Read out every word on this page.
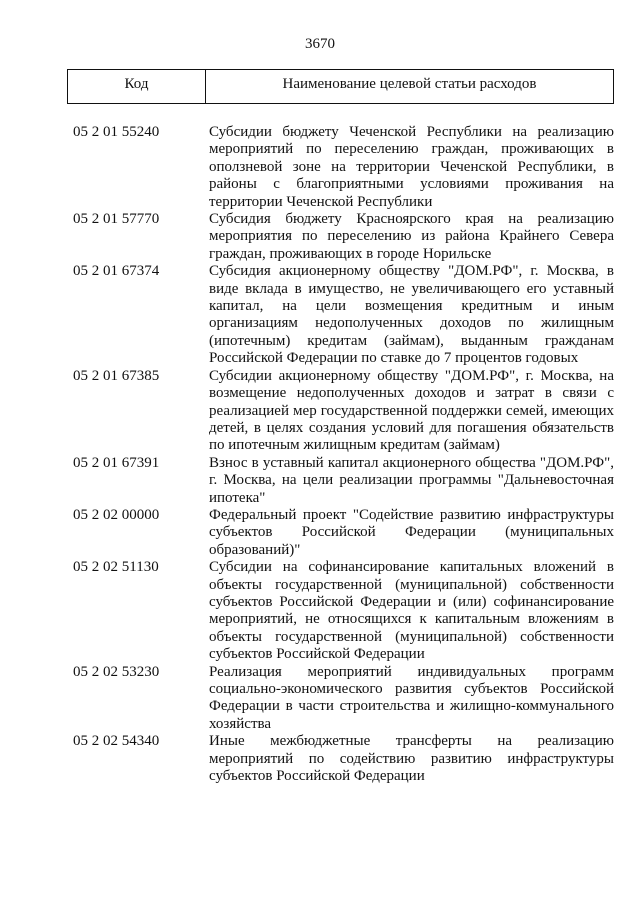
3670
Код	Наименование целевой статьи расходов
05 2 01 55240	Субсидии бюджету Чеченской Республики на реализацию мероприятий по переселению граждан, проживающих в оползневой зоне на территории Чеченской Республики, в районы с благоприятными условиями проживания на территории Чеченской Республики
05 2 01 57770	Субсидия бюджету Красноярского края на реализацию мероприятия по переселению из района Крайнего Севера граждан, проживающих в городе Норильске
05 2 01 67374	Субсидия акционерному обществу "ДОМ.РФ", г. Москва, в виде вклада в имущество, не увеличивающего его уставный капитал, на цели возмещения кредитным и иным организациям недополученных доходов по жилищным (ипотечным) кредитам (займам), выданным гражданам Российской Федерации по ставке до 7 процентов годовых
05 2 01 67385	Субсидии акционерному обществу "ДОМ.РФ", г. Москва, на возмещение недополученных доходов и затрат в связи с реализацией мер государственной поддержки семей, имеющих детей, в целях создания условий для погашения обязательств по ипотечным жилищным кредитам (займам)
05 2 01 67391	Взнос в уставный капитал акционерного общества "ДОМ.РФ", г. Москва, на цели реализации программы "Дальневосточная ипотека"
05 2 02 00000	Федеральный проект "Содействие развитию инфраструктуры субъектов Российской Федерации (муниципальных образований)"
05 2 02 51130	Субсидии на софинансирование капитальных вложений в объекты государственной (муниципальной) собственности субъектов Российской Федерации и (или) софинансирование мероприятий, не относящихся к капитальным вложениям в объекты государственной (муниципальной) собственности субъектов Российской Федерации
05 2 02 53230	Реализация мероприятий индивидуальных программ социально-экономического развития субъектов Российской Федерации в части строительства и жилищно-коммунального хозяйства
05 2 02 54340	Иные межбюджетные трансферты на реализацию мероприятий по содействию развитию инфраструктуры субъектов Российской Федерации
